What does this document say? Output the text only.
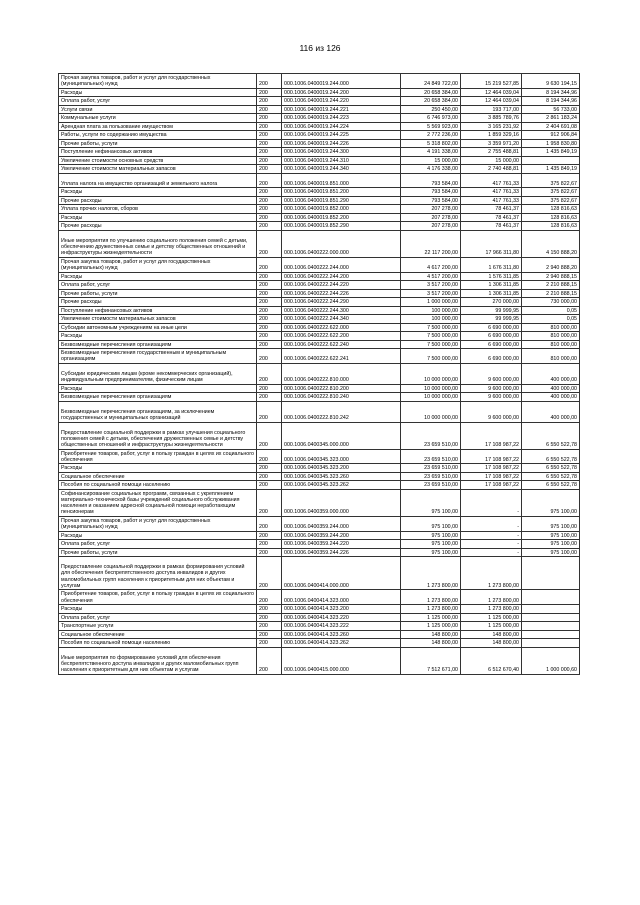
116 из 126
Прочая закупка товаров, работ и услуг для государственных (муниципальных) нужд	200	000.1006.0400019.244.000	24 849 722,00	15 219 527,85	9 630 194,15
Расходы	200	000.1006.0400019.244.200	20 658 384,00	12 464 039,04	8 194 344,96
Оплата работ, услуг	200	000.1006.0400019.244.220	20 658 384,00	12 464 039,04	8 194 344,96
Услуги связи	200	000.1006.0400019.244.221	250 450,00	193 717,00	56 733,00
Коммунальные услуги	200	000.1006.0400019.244.223	6 746 973,00	3 885 789,76	2 861 183,24
Арендная плата за пользование имуществом	200	000.1006.0400019.244.224	5 569 923,00	3 165 231,92	2 404 691,08
Работы, услуги по содержанию имущества	200	000.1006.0400019.244.225	2 772 236,00	1 859 329,16	912 906,84
Прочие работы, услуги	200	000.1006.0400019.244.226	5 318 802,00	3 359 971,20	1 958 830,80
Поступление нефинансовых активов	200	000.1006.0400019.244.300	4 191 338,00	2 755 488,81	1 435 849,19
Увеличение стоимости основных средств	200	000.1006.0400019.244.310	15 000,00	15 000,00	
Увеличение стоимости материальных запасов	200	000.1006.0400019.244.340	4 176 338,00	2 740 488,81	1 435 849,19
Уплата налога на имущество организаций и земельного налога	200	000.1006.0400019.851.000	793 584,00	417 761,33	375 822,67
Расходы	200	000.1006.0400019.851.200	793 584,00	417 761,33	375 822,67
Прочие расходы	200	000.1006.0400019.851.290	793 584,00	417 761,33	375 822,67
Уплата прочих налогов, сборов	200	000.1006.0400019.852.000	207 278,00	78 461,37	128 816,63
Расходы	200	000.1006.0400019.852.200	207 278,00	78 461,37	128 816,63
Прочие расходы	200	000.1006.0400019.852.290	207 278,00	78 461,37	128 816,63
Иные мероприятия по улучшению социального положения семей с детьми, обеспечению дружественных семье и детству общественных отношений и инфраструктуры жизнедеятельности	200	000.1006.0400222.000.000	22 117 200,00	17 966 311,80	4 150 888,20
Прочая закупка товаров, работ и услуг для государственных (муниципальных) нужд	200	000.1006.0400222.244.000	4 617 200,00	1 676 311,80	2 940 888,20
Расходы	200	000.1006.0400222.244.200	4 517 200,00	1 576 311,85	2 940 888,15
Оплата работ, услуг	200	000.1006.0400222.244.220	3 517 200,00	1 306 311,85	2 210 888,15
Прочие работы, услуги	200	000.1006.0400222.244.226	3 517 200,00	1 306 311,85	2 210 888,15
Прочие расходы	200	000.1006.0400222.244.290	1 000 000,00	270 000,00	730 000,00
Поступление нефинансовых активов	200	000.1006.0400222.244.300	100 000,00	99 999,95	0,05
Увеличение стоимости материальных запасов	200	000.1006.0400222.244.340	100 000,00	99 999,95	0,05
Субсидии автономным учреждениям на иные цели	200	000.1006.0400222.622.000	7 500 000,00	6 690 000,00	810 000,00
Расходы	200	000.1006.0400222.622.200	7 500 000,00	6 690 000,00	810 000,00
Безвозмездные перечисления организациям	200	000.1006.0400222.622.240	7 500 000,00	6 690 000,00	810 000,00
Безвозмездные перечисления государственным и муниципальным организациям	200	000.1006.0400222.622.241	7 500 000,00	6 690 000,00	810 000,00
Субсидии юридическим лицам (кроме некоммерческих организаций), индивидуальным предпринимателям, физическим лицам	200	000.1006.0400222.810.000	10 000 000,00	9 600 000,00	400 000,00
Расходы	200	000.1006.0400222.810.200	10 000 000,00	9 600 000,00	400 000,00
Безвозмездные перечисления организациям	200	000.1006.0400222.810.240	10 000 000,00	9 600 000,00	400 000,00
Безвозмездные перечисления организациям, за исключением государственных и муниципальных организаций	200	000.1006.0400222.810.242	10 000 000,00	9 600 000,00	400 000,00
Предоставление социальной поддержки в рамках улучшения социального положения семей с детьми, обеспечения дружественных семье и детству общественных отношений и инфраструктуры жизнедеятельности	200	000.1006.0400345.000.000	23 659 510,00	17 108 987,22	6 550 522,78
Приобретение товаров, работ, услуг в пользу граждан в целях их социального обеспечения	200	000.1006.0400345.323.000	23 659 510,00	17 108 987,22	6 550 522,78
Расходы	200	000.1006.0400345.323.200	23 659 510,00	17 108 987,22	6 550 522,78
Социальное обеспечение	200	000.1006.0400345.323.260	23 659 510,00	17 108 987,22	6 550 522,78
Пособия по социальной помощи населению	200	000.1006.0400345.323.262	23 659 510,00	17 108 987,22	6 550 522,78
Софинансирование социальных программ, связанных с укреплением материально-технической базы учреждений социального обслуживания населения и оказанием адресной социальной помощи неработающим пенсионерам	200	000.1006.0400359.000.000	975 100,00	-	975 100,00
Прочая закупка товаров, работ и услуг для государственных (муниципальных) нужд	200	000.1006.0400359.244.000	975 100,00	-	975 100,00
Расходы	200	000.1006.0400359.244.200	975 100,00	-	975 100,00
Оплата работ, услуг	200	000.1006.0400359.244.220	975 100,00	-	975 100,00
Прочие работы, услуги	200	000.1006.0400359.244.226	975 100,00	-	975 100,00
Предоставление социальной поддержки в рамках формирования условий для обеспечения беспрепятственного доступа инвалидов и других маломобильных групп населения к приоритетным для них объектам и услугам	200	000.1006.0400414.000.000	1 273 800,00	1 273 800,00	
Приобретение товаров, работ, услуг в пользу граждан в целях их социального обеспечения	200	000.1006.0400414.323.000	1 273 800,00	1 273 800,00	
Расходы	200	000.1006.0400414.323.200	1 273 800,00	1 273 800,00	
Оплата работ, услуг	200	000.1006.0400414.323.220	1 125 000,00	1 125 000,00	
Транспортные услуги	200	000.1006.0400414.323.222	1 125 000,00	1 125 000,00	
Социальное обеспечение	200	000.1006.0400414.323.260	148 800,00	148 800,00	
Пособия по социальной помощи населению	200	000.1006.0400414.323.262	148 800,00	148 800,00	
Иные мероприятия по формированию условий для обеспечения беспрепятственного доступа инвалидов и других маломобильных групп населения к приоритетным для них объектам и услугам	200	000.1006.0400415.000.000	7 512 671,00	6 512 670,40	1 000 000,60
